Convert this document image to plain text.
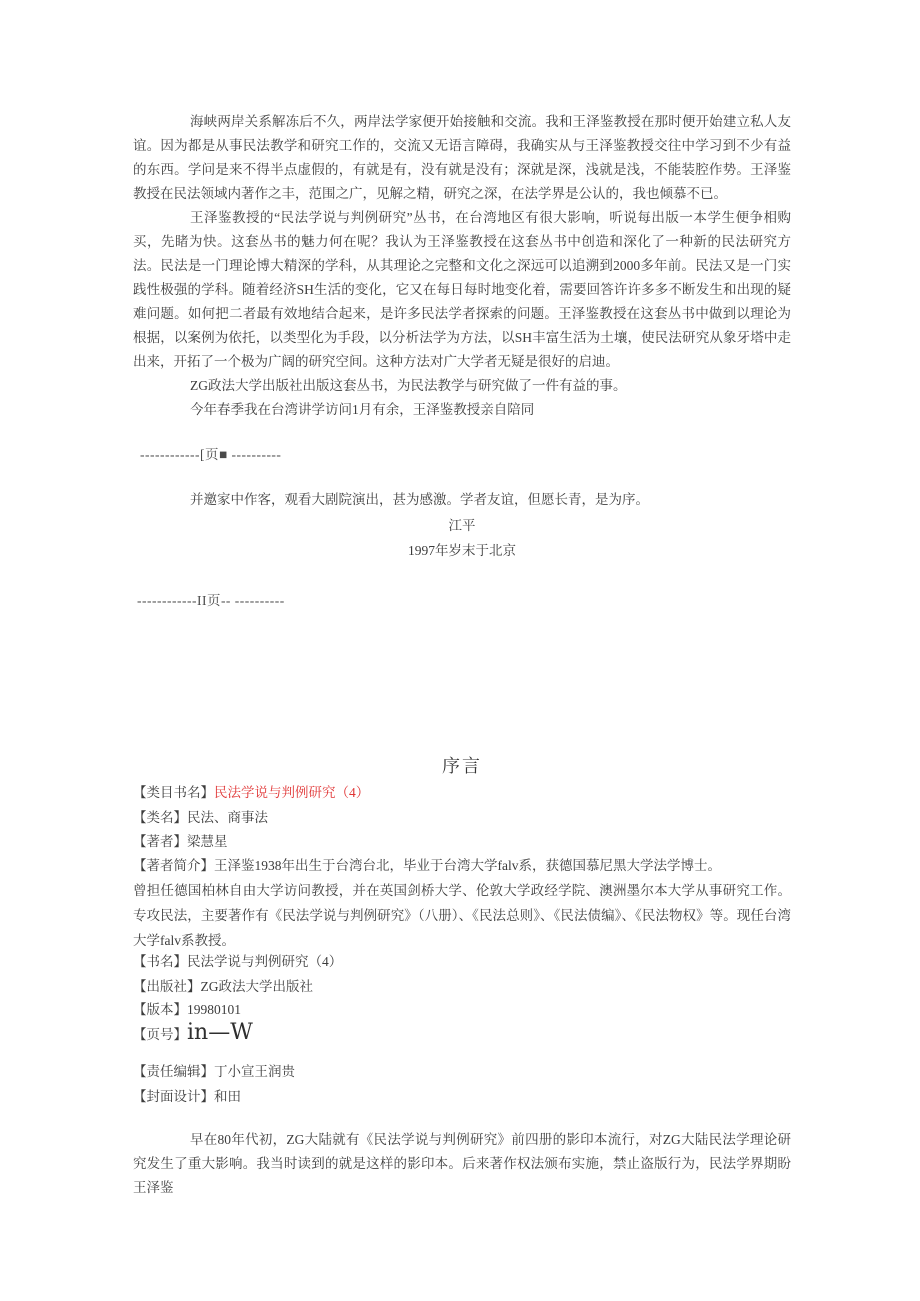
海峡两岸关系解冻后不久，两岸法学家便开始接触和交流。我和王泽鉴教授在那时便开始建立私人友谊。因为都是从事民法教学和研究工作的，交流又无语言障碍，我确实从与王泽鉴教授交往中学习到不少有益的东西。学问是来不得半点虚假的，有就是有，没有就是没有；深就是深，浅就是浅，不能装腔作势。王泽鉴教授在民法领域内著作之丰，范围之广，见解之精，研究之深，在法学界是公认的，我也倾慕不已。

王泽鉴教授的“民法学说与判例研究”丛书，在台湾地区有很大影响，听说每出版一本学生便争相购买，先睹为快。这套丛书的魅力何在呢？我认为王泽鉴教授在这套丛书中创造和深化了一种新的民法研究方法。民法是一门理论博大精深的学科，从其理论之完整和文化之深远可以追溯到2000多年前。民法又是一门实践性极强的学科。随着经济SH生活的变化，它又在每日每时地变化着，需要回答许许多多不断发生和出现的疑难问题。如何把二者最有效地结合起来，是许多民法学者探索的问题。王泽鉴教授在这套丛书中做到以理论为根据，以案例为依托，以类型化为手段，以分析法学为方法，以SH丰富生活为土壤，使民法研究从象牙塔中走出来，开拓了一个极为广阔的研究空间。这种方法对广大学者无疑是很好的启迪。

ZG政法大学出版社出版这套丛书，为民法教学与研究做了一件有益的事。

今年春季我在台湾讲学访问1月有余，王泽鉴教授亲自陪同

------------[页■ ----------

并邀家中作客，观看大剧院演出，甚为感激。学者友谊，但愿长青，是为序。

江平

1997年岁末于北京

------------II页-- ----------

序言

【类目书名】民法学说与判例研究（4）

【类名】民法、商事法

【著者】梁慧星

【著者简介】王泽鉴1938年出生于台湾台北，毕业于台湾大学falv系，获德国慕尼黑大学法学博士。

曾担任德国柏林自由大学访问教授，并在英国剑桥大学、伦敦大学政经学院、澳洲墨尔本大学从事研究工作。专攻民法，主要著作有《民法学说与判例研究》（八册）、《民法总则》、《民法债编》、《民法物权》等。现任台湾大学falv系教授。

【书名】民法学说与判例研究（4）

【出版社】ZG政法大学出版社

【版本】19980101

【页号】in—W

【责任编辑】丁小宣王润贵

【封面设计】和田

早在80年代初，ZG大陆就有《民法学说与判例研究》前四册的影印本流行，对ZG大陆民法学理论研究发生了重大影响。我当时读到的就是这样的影印本。后来著作权法颁布实施，禁止盗版行为，民法学界期盼王泽鉴
